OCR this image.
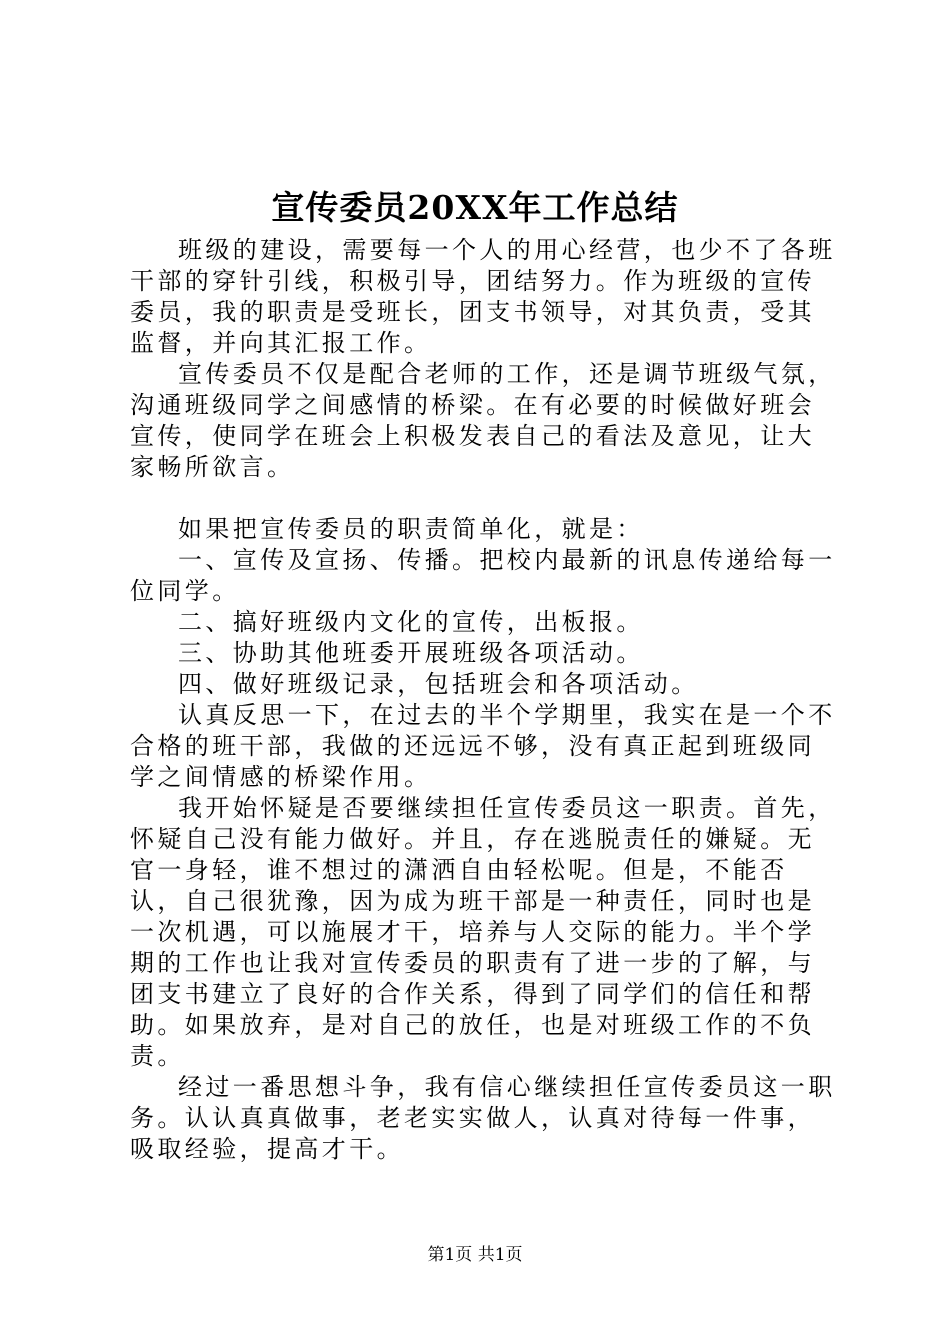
宣传委员20XX年工作总结

班级的建设，需要每一个人的用心经营，也少不了各班干部的穿针引线，积极引导，团结努力。作为班级的宣传委员，我的职责是受班长，团支书领导，对其负责，受其监督，并向其汇报工作。

宣传委员不仅是配合老师的工作，还是调节班级气氛，沟通班级同学之间感情的桥梁。在有必要的时候做好班会宣传，使同学在班会上积极发表自己的看法及意见，让大家畅所欲言。

如果把宣传委员的职责简单化，就是：

一、宣传及宣扬、传播。把校内最新的讯息传递给每一位同学。

二、搞好班级内文化的宣传，出板报。

三、协助其他班委开展班级各项活动。

四、做好班级记录，包括班会和各项活动。

认真反思一下，在过去的半个学期里，我实在是一个不合格的班干部，我做的还远远不够，没有真正起到班级同学之间情感的桥梁作用。

我开始怀疑是否要继续担任宣传委员这一职责。首先，怀疑自己没有能力做好。并且，存在逃脱责任的嫌疑。无官一身轻，谁不想过的潇洒自由轻松呢。但是，不能否认，自己很犹豫，因为成为班干部是一种责任，同时也是一次机遇，可以施展才干，培养与人交际的能力。半个学期的工作也让我对宣传委员的职责有了进一步的了解，与团支书建立了良好的合作关系，得到了同学们的信任和帮助。如果放弃，是对自己的放任，也是对班级工作的不负责。

经过一番思想斗争，我有信心继续担任宣传委员这一职务。认认真真做事，老老实实做人，认真对待每一件事，吸取经验，提高才干。

第1页 共1页
